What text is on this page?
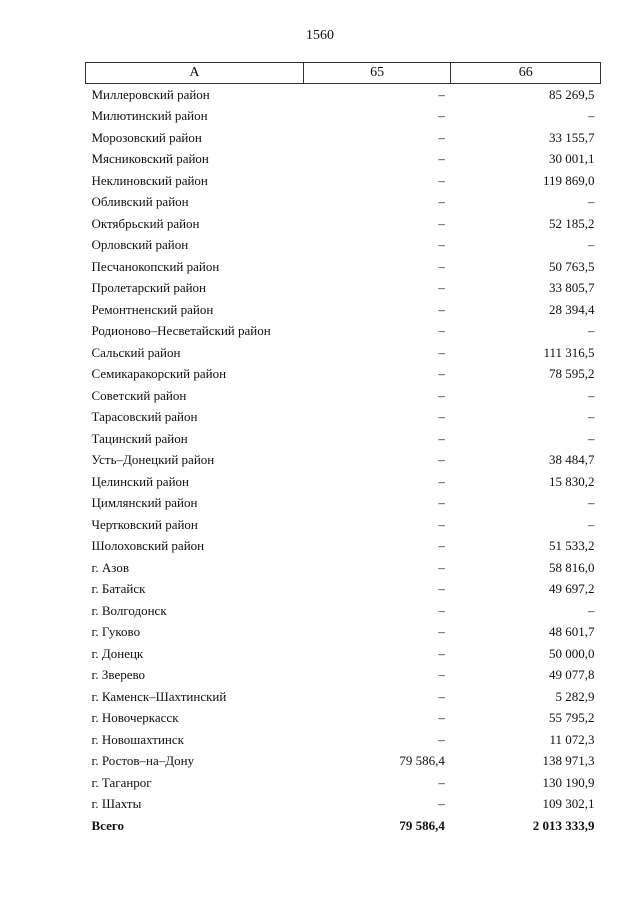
1560
А	65	66
Миллеровский район	–	85 269,5
Милютинский район	–	–
Морозовский район	–	33 155,7
Мясниковский район	–	30 001,1
Неклиновский район	–	119 869,0
Обливский район	–	–
Октябрьский район	–	52 185,2
Орловский район	–	–
Песчанокопский район	–	50 763,5
Пролетарский район	–	33 805,7
Ремонтненский район	–	28 394,4
Родионово–Несветайский район	–	–
Сальский район	–	111 316,5
Семикаракорский район	–	78 595,2
Советский район	–	–
Тарасовский район	–	–
Тацинский район	–	–
Усть–Донецкий район	–	38 484,7
Целинский район	–	15 830,2
Цимлянский район	–	–
Чертковский район	–	–
Шолоховский район	–	51 533,2
г. Азов	–	58 816,0
г. Батайск	–	49 697,2
г. Волгодонск	–	–
г. Гуково	–	48 601,7
г. Донецк	–	50 000,0
г. Зверево	–	49 077,8
г. Каменск–Шахтинский	–	5 282,9
г. Новочеркасск	–	55 795,2
г. Новошахтинск	–	11 072,3
г. Ростов–на–Дону	79 586,4	138 971,3
г. Таганрог	–	130 190,9
г. Шахты	–	109 302,1
Всего	79 586,4	2 013 333,9
